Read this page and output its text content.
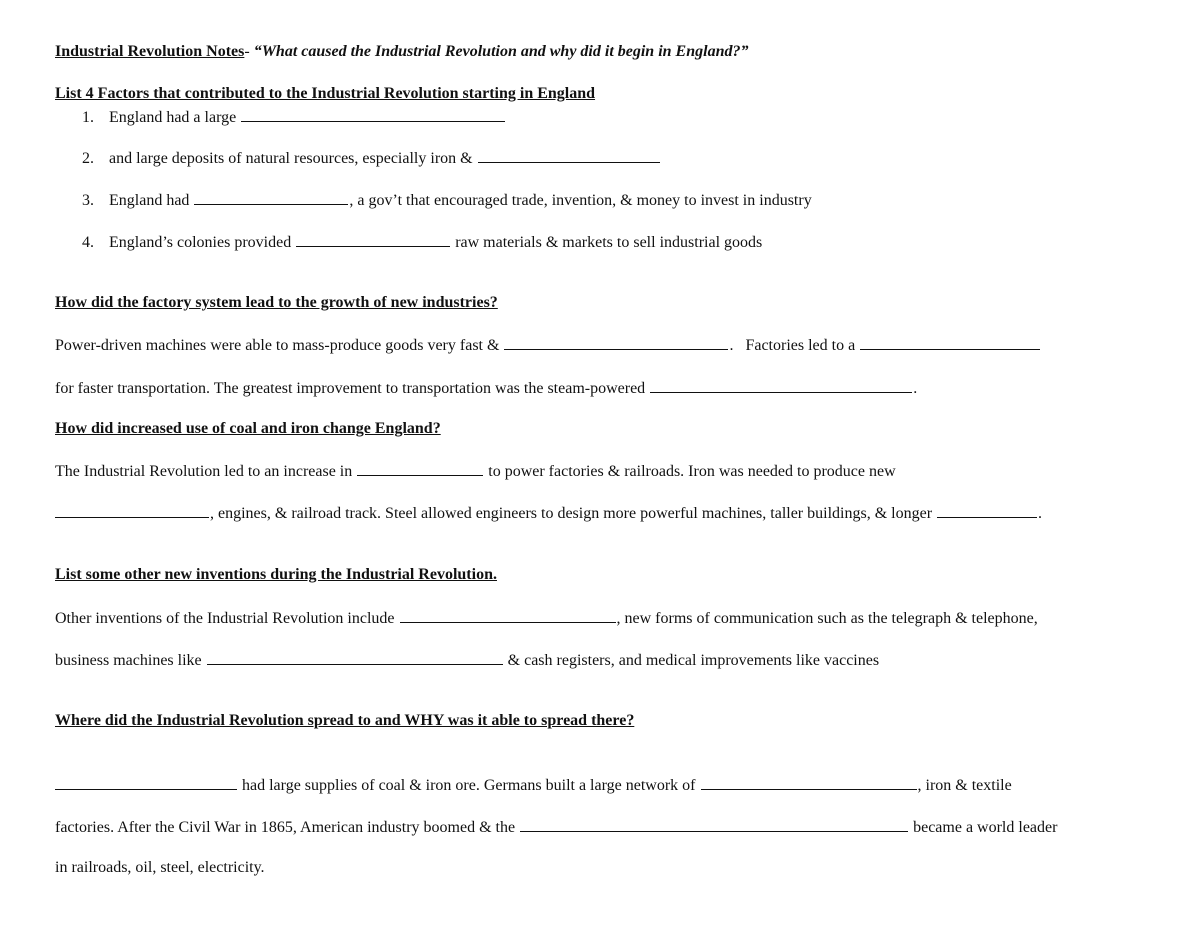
Industrial Revolution Notes- “What caused the Industrial Revolution and why did it begin in England?”
List 4 Factors that contributed to the Industrial Revolution starting in England
1. England had a large
2. and large deposits of natural resources, especially iron &
3. England had	, a gov’t that encouraged trade, invention, & money to invest in industry
4. England’s colonies provided	raw materials & markets to sell industrial goods
How did the factory system lead to the growth of new industries?
Power-driven machines were able to mass-produce goods very fast &	.   Factories led to a
for faster transportation. The greatest improvement to transportation was the steam-powered	.
How did increased use of coal and iron change England?
The Industrial Revolution led to an increase in	to power factories & railroads. Iron was needed to produce new
, engines, & railroad track. Steel allowed engineers to design more powerful machines, taller buildings, & longer	.
List some other new inventions during the Industrial Revolution.
Other inventions of the Industrial Revolution include	, new forms of communication such as the telegraph & telephone,
business machines like	& cash registers, and medical improvements like vaccines
Where did the Industrial Revolution spread to and WHY was it able to spread there?
had large supplies of coal & iron ore. Germans built a large network of	, iron & textile
factories. After the Civil War in 1865, American industry boomed & the	became a world leader
in railroads, oil, steel, electricity.
